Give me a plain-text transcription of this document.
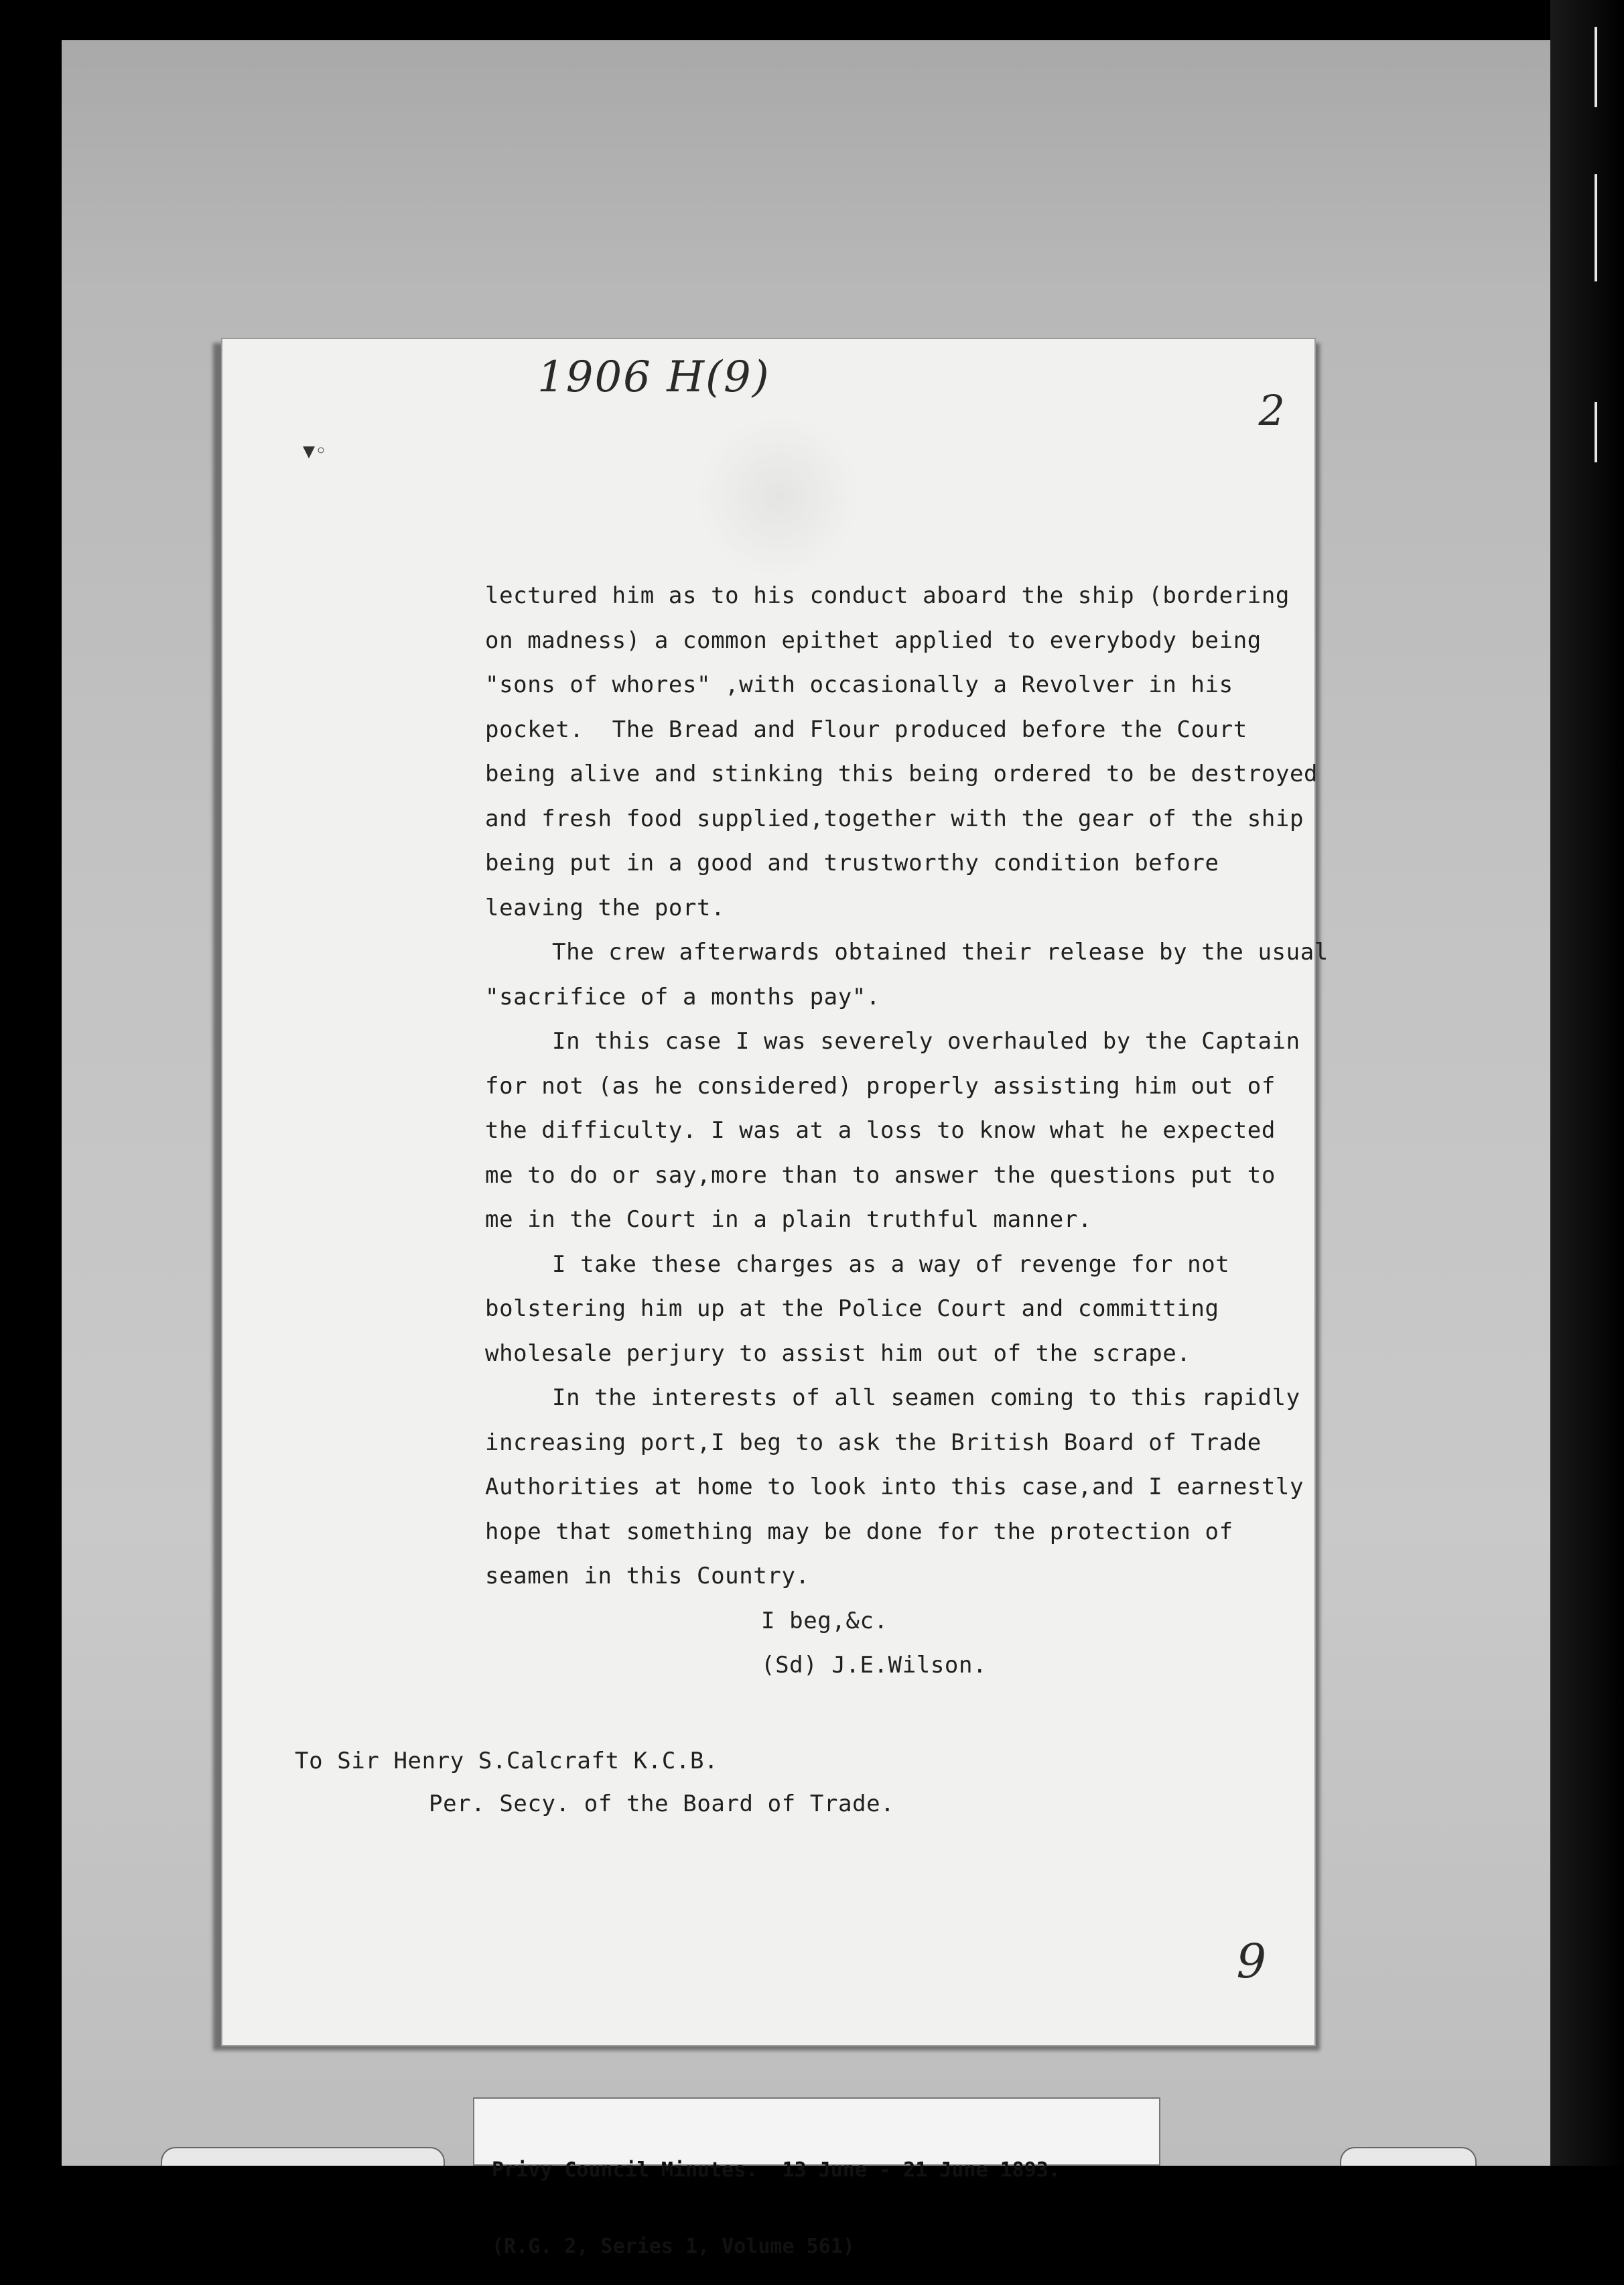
▼◦
1906 H(9)
2
lectured him as to his conduct aboard the ship (bordering
on madness) a common epithet applied to everybody being
"sons of whores" ,with occasionally a Revolver in his
pocket.  The Bread and Flour produced before the Court
being alive and stinking this being ordered to be destroyed
and fresh food supplied,together with the gear of the ship
being put in a good and trustworthy condition before
leaving the port.
The crew afterwards obtained their release by the usual
"sacrifice of a months pay".
In this case I was severely overhauled by the Captain
for not (as he considered) properly assisting him out of
the difficulty. I was at a loss to know what he expected
me to do or say,more than to answer the questions put to
me in the Court in a plain truthful manner.
I take these charges as a way of revenge for not
bolstering him up at the Police Court and committing
wholesale perjury to assist him out of the scrape.
In the interests of all seamen coming to this rapidly
increasing port,I beg to ask the British Board of Trade
Authorities at home to look into this case,and I earnestly
hope that something may be done for the protection of
seamen in this Country.
I beg,&c.
(Sd) J.E.Wilson.
To Sir Henry S.Calcraft K.C.B.
Per. Secy. of the Board of Trade.
9

Privy Council Minutes.  13 June - 21 June 1893.

(R.G. 2, Series 1, Volume 561)
